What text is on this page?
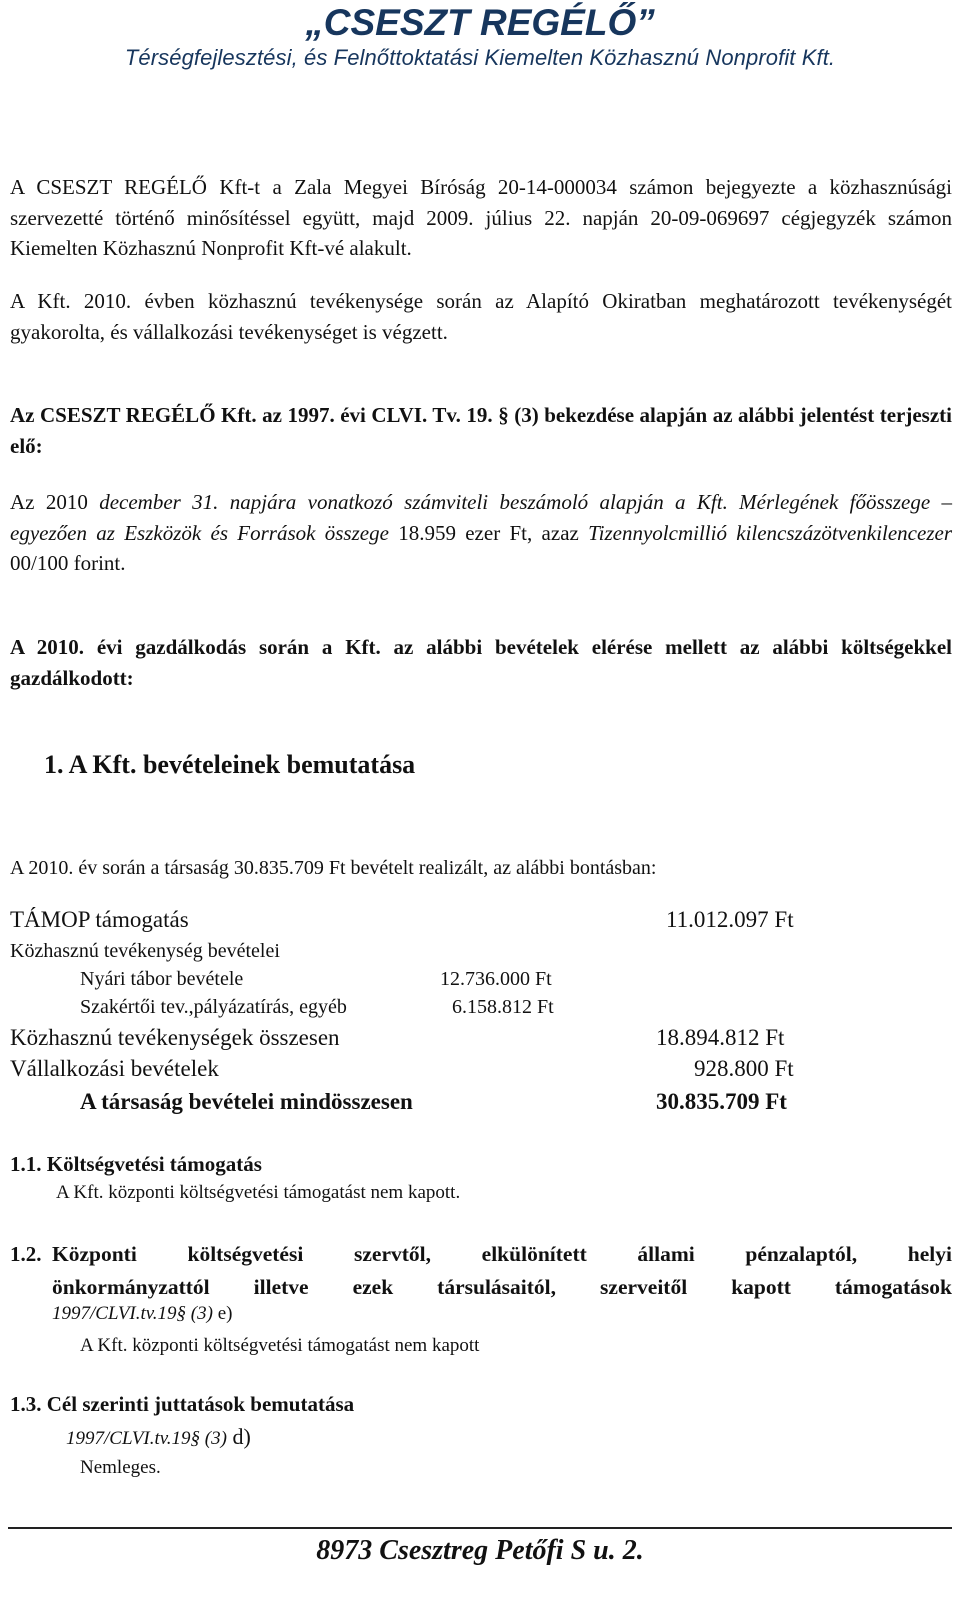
„CSESZT REGÉLŐ”
Térségfejlesztési, és Felnőttoktatási Kiemelten Közhasznú Nonprofit Kft.
A CSESZT REGÉLŐ Kft-t a Zala Megyei Bíróság 20-14-000034 számon bejegyezte a közhasznúsági szervezetté történő minősítéssel együtt, majd 2009. július 22. napján 20-09-069697 cégjegyzék számon Kiemelten Közhasznú Nonprofit Kft-vé alakult.
A Kft. 2010. évben közhasznú tevékenysége során az Alapító Okiratban meghatározott tevékenységét gyakorolta, és vállalkozási tevékenységet is végzett.
Az CSESZT REGÉLŐ Kft. az 1997. évi CLVI. Tv. 19. § (3) bekezdése alapján az alábbi jelentést terjeszti elő:
Az 2010 december 31. napjára vonatkozó számviteli beszámoló alapján a Kft. Mérlegének főösszege – egyezően az Eszközök és Források összege 18.959 ezer Ft, azaz Tizennyolcmillió kilencszázötvenkilencezer 00/100 forint.
A 2010. évi gazdálkodás során a Kft. az alábbi bevételek elérése mellett az alábbi költségekkel gazdálkodott:
1. A Kft. bevételeinek bemutatása
A 2010. év során a társaság 30.835.709 Ft bevételt realizált, az alábbi bontásban:
TÁMOP támogatás	11.012.097 Ft
Közhasznú tevékenység bevételei
Nyári tábor bevétele	12.736.000 Ft
Szakértői tev.,pályázatírás, egyéb	6.158.812 Ft
Közhasznú tevékenységek összesen	18.894.812 Ft
Vállalkozási bevételek	928.800 Ft
A társaság bevételei mindösszesen	30.835.709 Ft
1.1. Költségvetési támogatás
A Kft. központi költségvetési támogatást nem kapott.
1.2. Központi költségvetési szervtől, elkülönített állami pénzalaptól, helyi
önkormányzattól illetve ezek társulásaitól, szerveitől kapott támogatások
1997/CLVI.tv.19§ (3) e)
A Kft. központi költségvetési támogatást nem kapott
1.3. Cél szerinti juttatások bemutatása
1997/CLVI.tv.19§ (3) d)
Nemleges.
8973 Csesztreg Petőfi S u. 2.
